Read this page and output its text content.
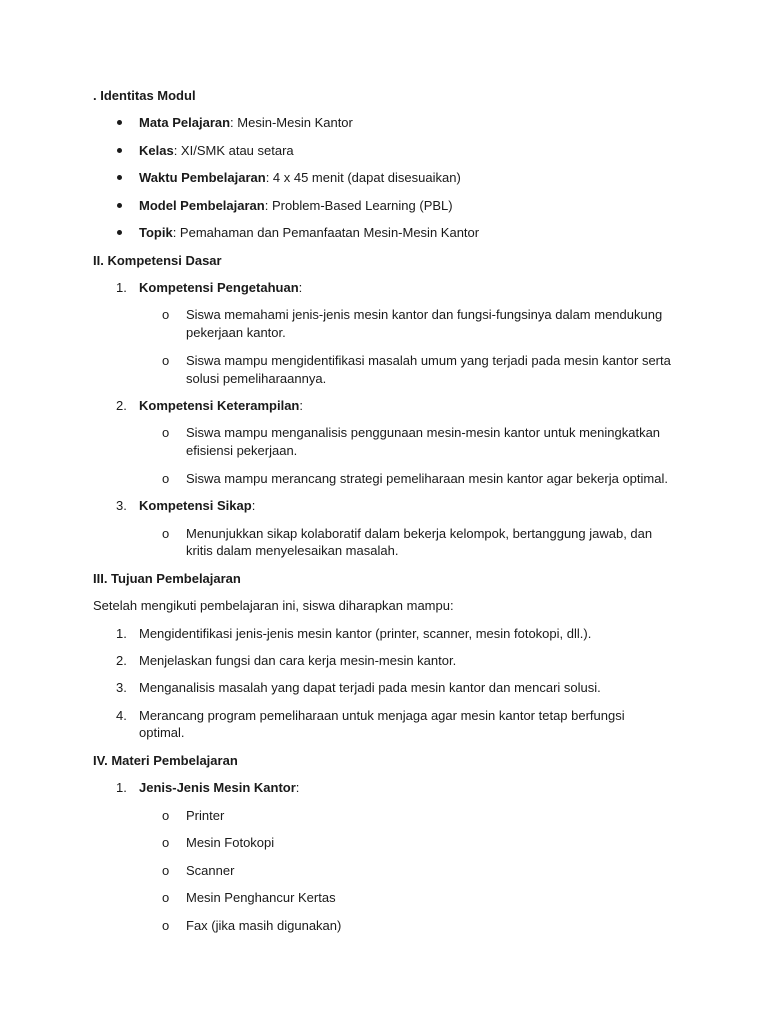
. Identitas Modul
Mata Pelajaran: Mesin-Mesin Kantor
Kelas: XI/SMK atau setara
Waktu Pembelajaran: 4 x 45 menit (dapat disesuaikan)
Model Pembelajaran: Problem-Based Learning (PBL)
Topik: Pemahaman dan Pemanfaatan Mesin-Mesin Kantor
II. Kompetensi Dasar
1. Kompetensi Pengetahuan:
o Siswa memahami jenis-jenis mesin kantor dan fungsi-fungsinya dalam mendukung
pekerjaan kantor.
o Siswa mampu mengidentifikasi masalah umum yang terjadi pada mesin kantor serta
solusi pemeliharaannya.
2. Kompetensi Keterampilan:
o Siswa mampu menganalisis penggunaan mesin-mesin kantor untuk meningkatkan
efisiensi pekerjaan.
o Siswa mampu merancang strategi pemeliharaan mesin kantor agar bekerja optimal.
3. Kompetensi Sikap:
o Menunjukkan sikap kolaboratif dalam bekerja kelompok, bertanggung jawab, dan
kritis dalam menyelesaikan masalah.
III. Tujuan Pembelajaran
Setelah mengikuti pembelajaran ini, siswa diharapkan mampu:
1. Mengidentifikasi jenis-jenis mesin kantor (printer, scanner, mesin fotokopi, dll.).
2. Menjelaskan fungsi dan cara kerja mesin-mesin kantor.
3. Menganalisis masalah yang dapat terjadi pada mesin kantor dan mencari solusi.
4. Merancang program pemeliharaan untuk menjaga agar mesin kantor tetap berfungsi
optimal.
IV. Materi Pembelajaran
1. Jenis-Jenis Mesin Kantor:
o Printer
o Mesin Fotokopi
o Scanner
o Mesin Penghancur Kertas
o Fax (jika masih digunakan)
